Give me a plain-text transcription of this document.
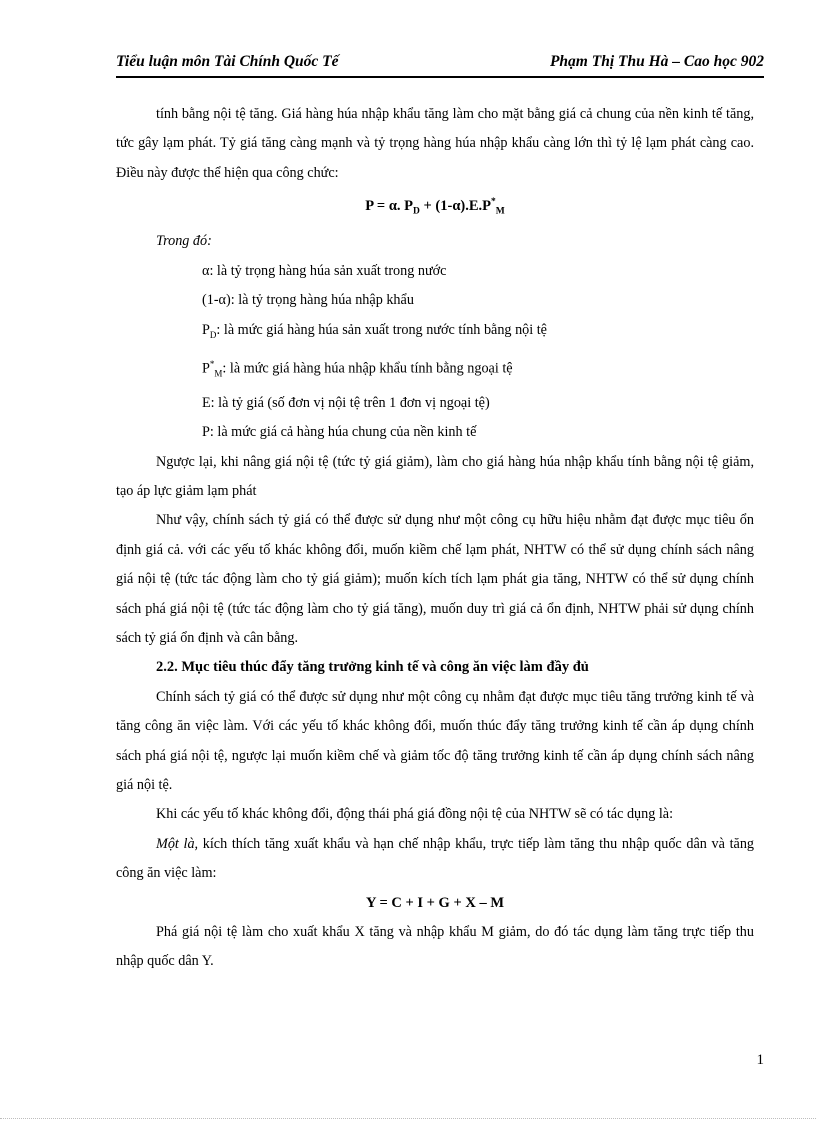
Tiểu luận môn Tài Chính Quốc Tế	Phạm Thị Thu Hà – Cao học 902

tính bằng nội tệ tăng. Giá hàng húa nhập khẩu tăng làm cho mặt bằng giá cả chung của nền kinh tế tăng, tức gây lạm phát. Tỷ giá tăng càng mạnh và tỷ trọng hàng húa nhập khẩu càng lớn thì tỷ lệ lạm phát càng cao. Điều này được thể hiện qua công chức:

P = α. $P_D + (1-\alpha).E.P^*_M$

Trong đó:

α: là tỷ trọng hàng húa sản xuất trong nước

(1-α): là tỷ trọng hàng húa nhập khẩu

$P_D$: là mức giá hàng húa sản xuất trong nước tính bằng nội tệ

$P^*_M$: là mức giá hàng húa nhập khẩu tính bằng ngoại tệ

E: là tỷ giá (số đơn vị nội tệ trên 1 đơn vị ngoại tệ)

P: là mức giá cả hàng húa chung của nền kinh tế

Ngược lại, khi nâng giá nội tệ (tức tỷ giá giảm), làm cho giá hàng húa nhập khẩu tính bằng nội tệ giảm, tạo áp lực giảm lạm phát

Như vậy, chính sách tỷ giá có thể được sử dụng như một công cụ hữu hiệu nhằm đạt được mục tiêu ổn định giá cả. với các yếu tố khác không đổi, muốn kiềm chế lạm phát, NHTW có thể sử dụng chính sách nâng giá nội tệ (tức tác động làm cho tỷ giá giảm); muốn kích tích lạm phát gia tăng, NHTW có thể sử dụng chính sách phá giá nội tệ (tức tác động làm cho tỷ giá tăng), muốn duy trì giá cả ổn định, NHTW phải sử dụng chính sách tỷ giá ổn định và cân bằng.

2.2. Mục tiêu thúc đẩy tăng trưởng kinh tế và công ăn việc làm đầy đủ

Chính sách tỷ giá có thể được sử dụng như một công cụ nhằm đạt được mục tiêu tăng trưởng kinh tế và tăng công ăn việc làm. Với các yếu tố khác không đổi, muốn thúc đẩy tăng trưởng kinh tế cần áp dụng chính sách phá giá nội tệ, ngược lại muốn kiềm chế và giảm tốc độ tăng trưởng kinh tế cần áp dụng chính sách nâng giá nội tệ.

Khi các yếu tố khác không đổi, động thái phá giá đồng nội tệ của NHTW sẽ có tác dụng là:

Một là, kích thích tăng xuất khẩu và hạn chế nhập khẩu, trực tiếp làm tăng thu nhập quốc dân và tăng công ăn việc làm:

Y = C + I + G + X – M

Phá giá nội tệ làm cho xuất khẩu X tăng và nhập khẩu M giảm, do đó tác dụng làm tăng trực tiếp thu nhập quốc dân Y.

1
